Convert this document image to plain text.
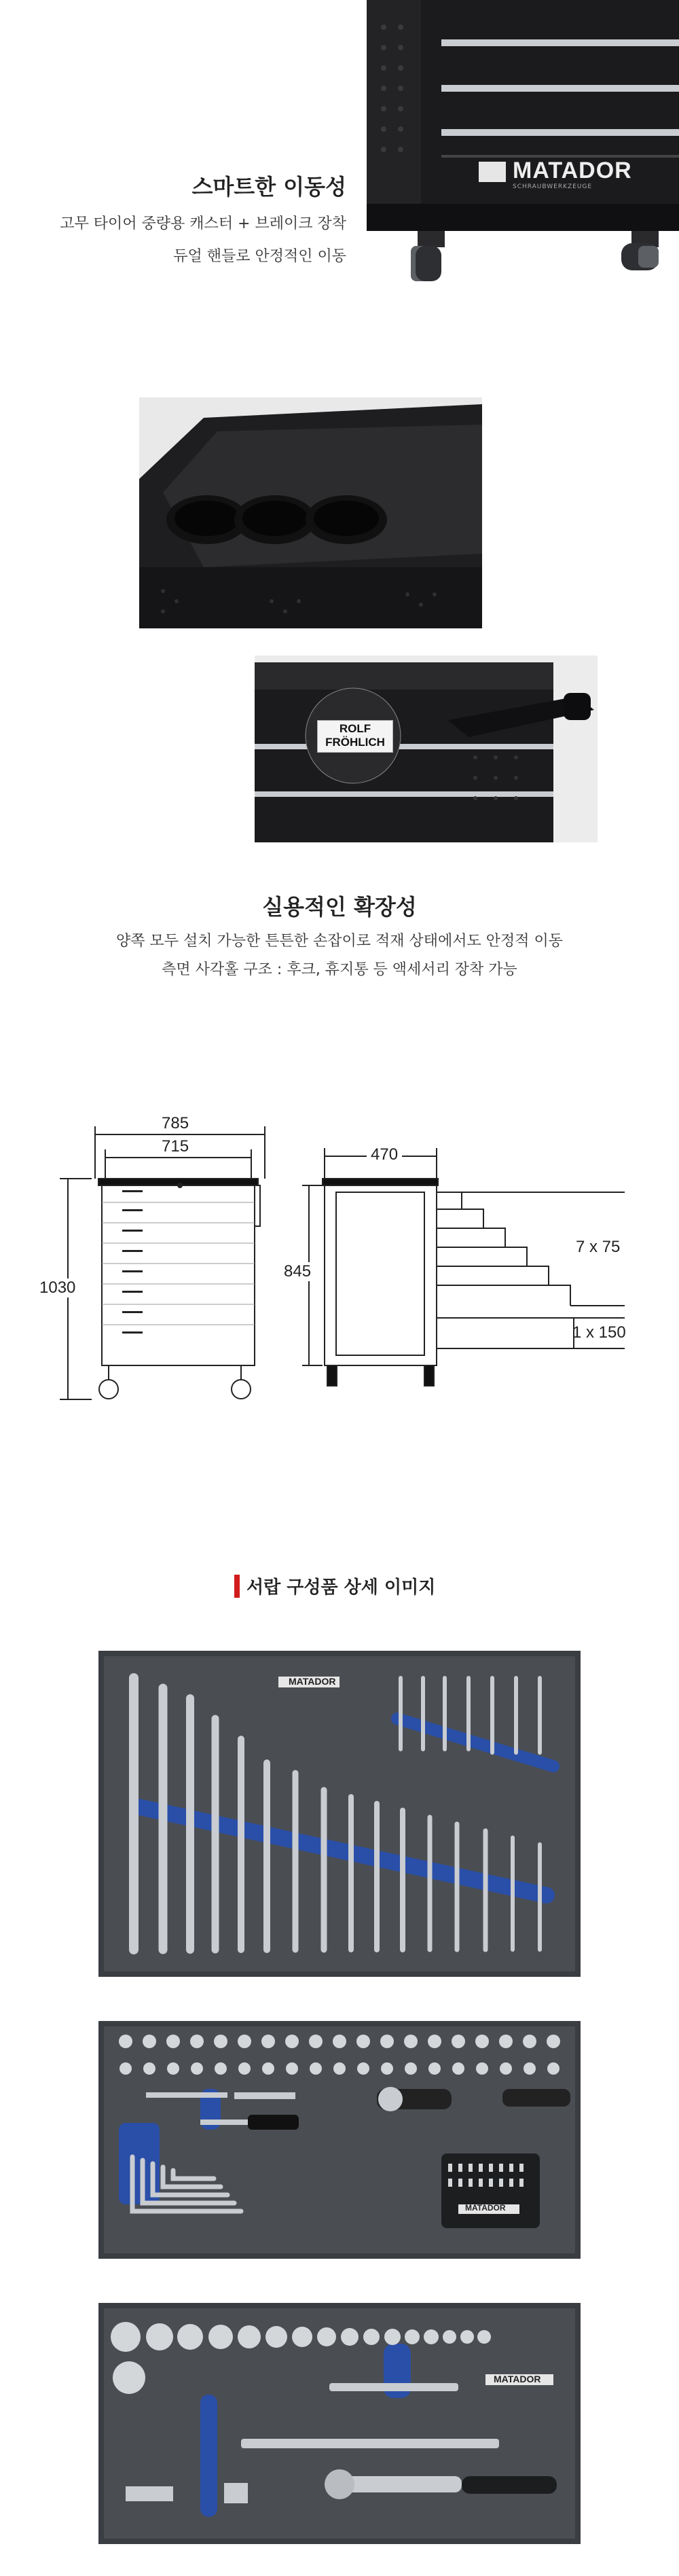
MATADOR
SCHRAUBWERKZEUGE
스마트한 이동성
고무 타이어 중량용 캐스터 + 브레이크 장착
듀얼 핸들로 안정적인 이동
ROLF
FRÖHLICH
실용적인 확장성
양쪽 모두 설치 가능한 튼튼한 손잡이로 적재 상태에서도 안정적 이동
측면 사각홀 구조 : 후크, 휴지통 등 액세서리 장착 가능
785
715	470
1030
845
7 x 75
1 x 150
서랍 구성품 상세 이미지
MATADOR
MATADOR
MATADOR
